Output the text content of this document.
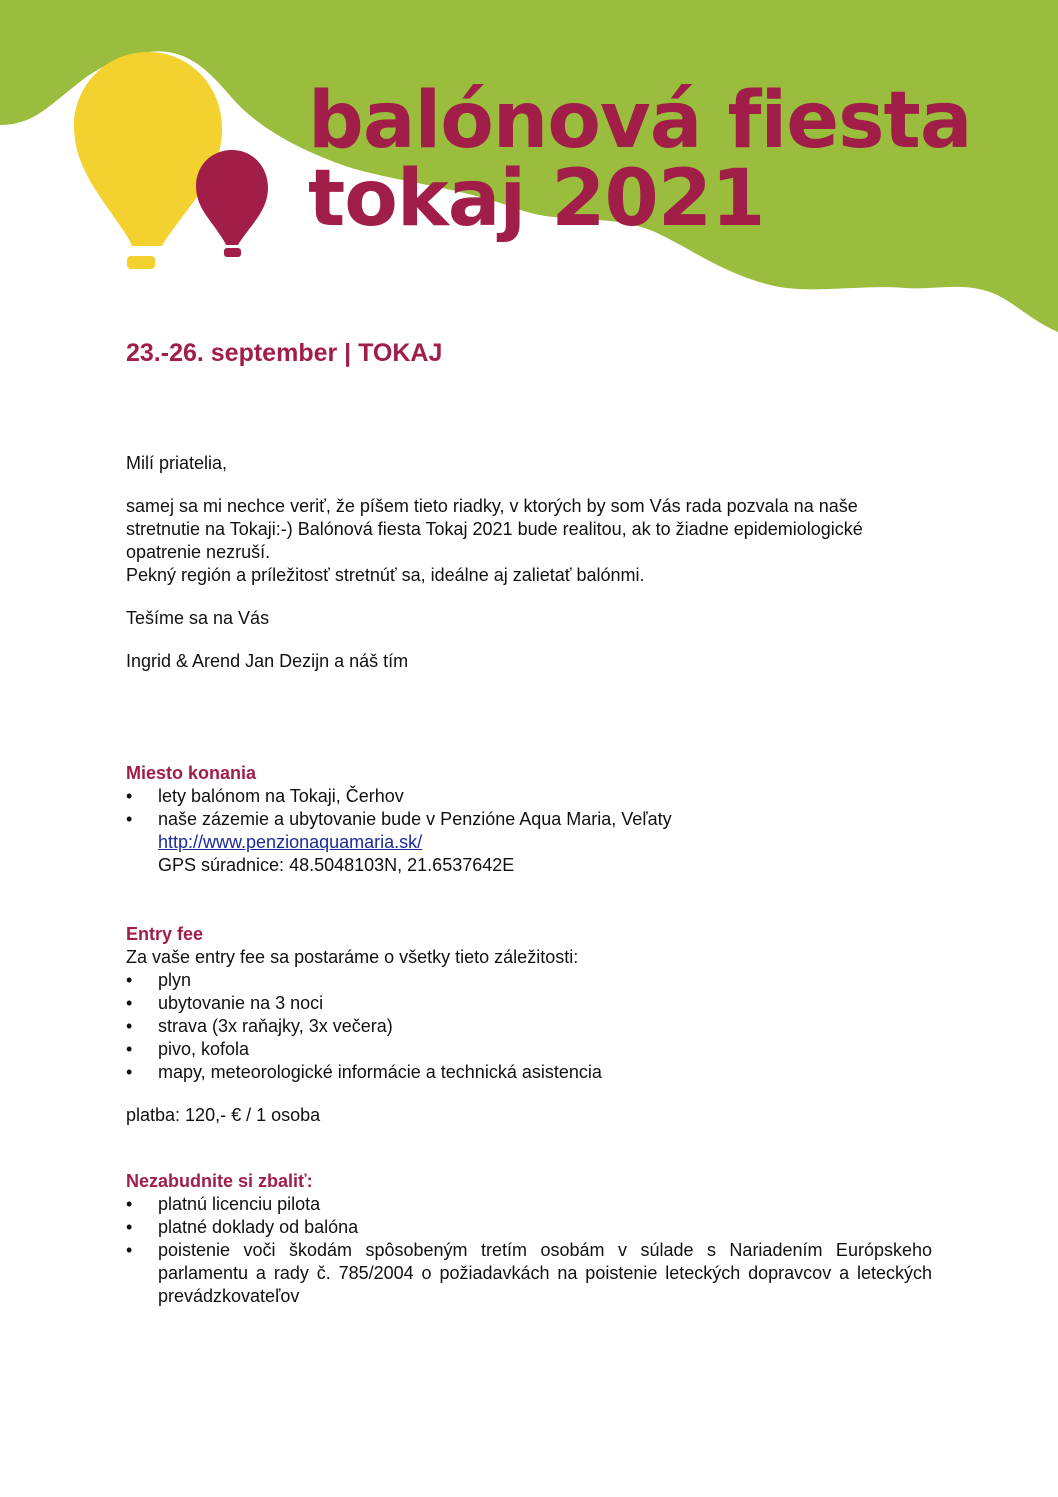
balónová fiesta
tokaj 2021
23.-26. september | TOKAJ

Milí priatelia,

samej sa mi nechce veriť, že píšem tieto riadky, v ktorých by som Vás rada pozvala na naše stretnutie na Tokaji:-) Balónová fiesta Tokaj 2021 bude realitou, ak to žiadne epidemiologické opatrenie nezruší.

Pekný región a príležitosť stretnúť sa, ideálne aj zalietať balónmi.

Tešíme sa na Vás

Ingrid & Arend Jan Dezijn a náš tím

Miesto konania
• lety balónom na Tokaji, Čerhov
• naše zázemie a ubytovanie bude v Penzióne Aqua Maria, Veľaty
http://www.penzionaquamaria.sk/
GPS súradnice: 48.5048103N, 21.6537642E
Entry fee

Za vaše entry fee sa postaráme o všetky tieto záležitosti:

• plyn
• ubytovanie na 3 noci
• strava (3x raňajky, 3x večera)
• pivo, kofola
• mapy, meteorologické informácie a technická asistencia

platba: 120,- € / 1 osoba

Nezabudnite si zbaliť:
• platnú licenciu pilota
• platné doklady od balóna
• poistenie voči škodám spôsobeným tretím osobám v súlade s Nariadením Európskeho parlamentu a rady č. 785/2004 o požiadavkách na poistenie leteckých dopravcov a leteckých prevádzkovateľov
